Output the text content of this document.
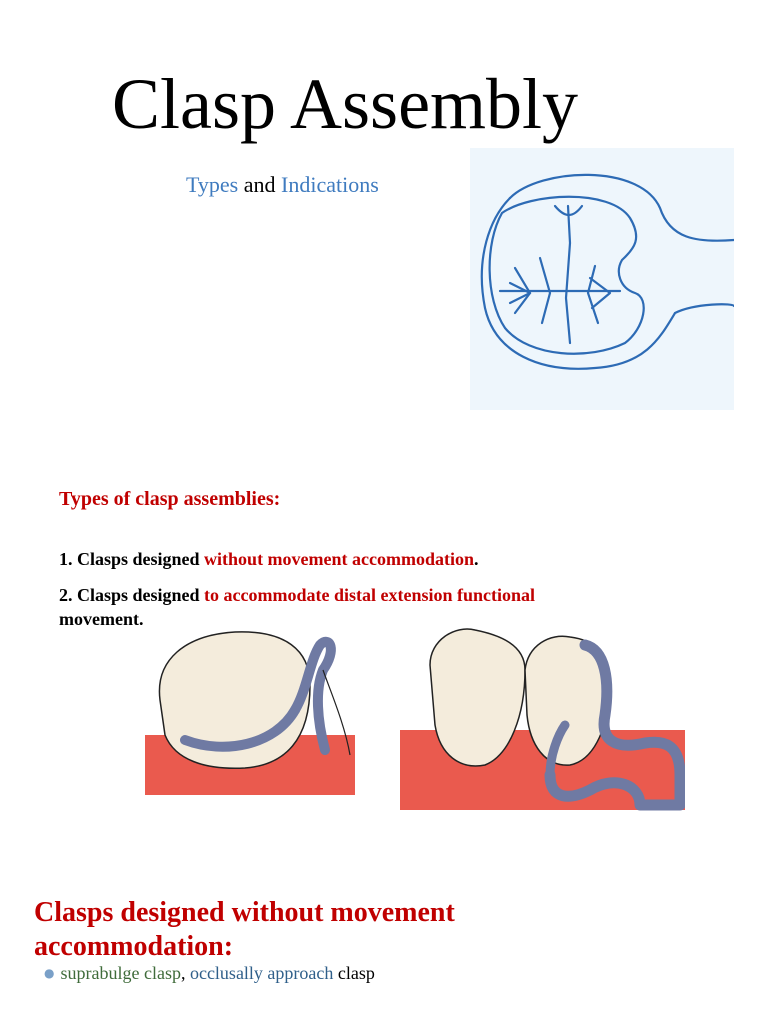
Clasp Assembly
Types and Indications
Types of clasp assemblies:
1. Clasps designed without movement accommodation.
2. Clasps designed to accommodate distal extension functional
movement.
Clasps designed without movement accommodation:
● suprabulge clasp, occlusally approach clasp
